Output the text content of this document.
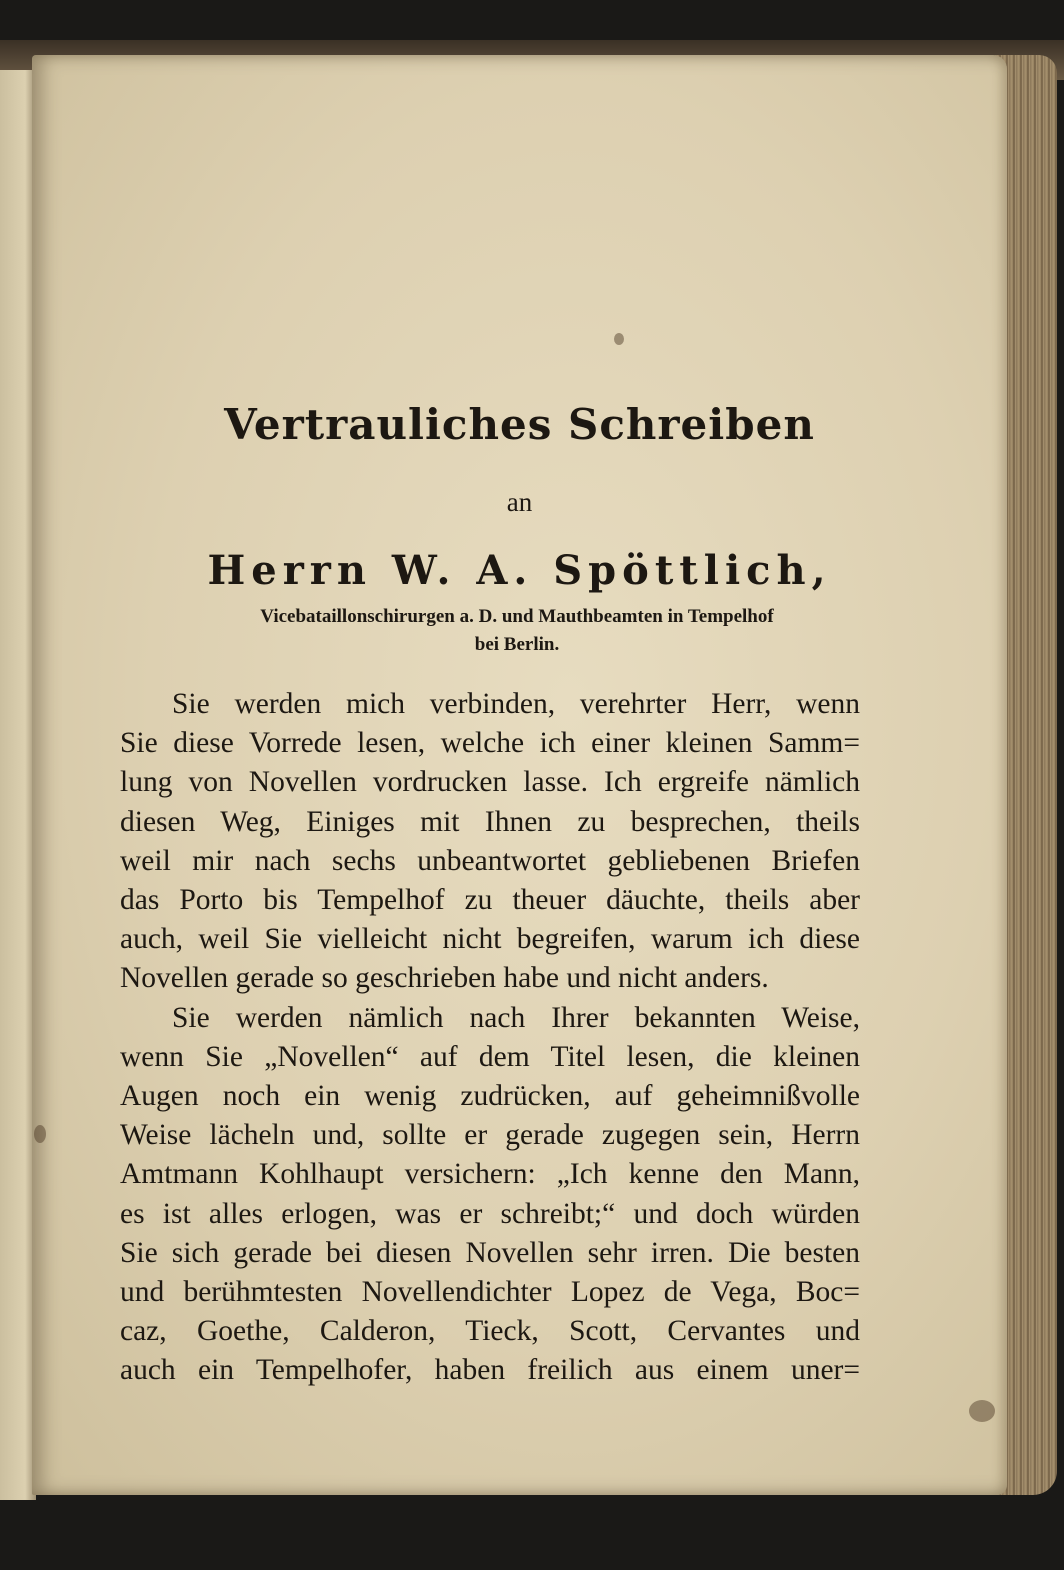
Vertrauliches Schreiben
an
Herrn W. A. Spöttlich,
Vicebataillonschirurgen a. D. und Mauthbeamten in Tempelhof
bei Berlin.
Sie werden mich verbinden, verehrter Herr, wenn
Sie diese Vorrede lesen, welche ich einer kleinen Samm=
lung von Novellen vordrucken lasse. Ich ergreife nämlich
diesen Weg, Einiges mit Ihnen zu besprechen, theils
weil mir nach sechs unbeantwortet gebliebenen Briefen
das Porto bis Tempelhof zu theuer däuchte, theils aber
auch, weil Sie vielleicht nicht begreifen, warum ich diese
Novellen gerade so geschrieben habe und nicht anders.
Sie werden nämlich nach Ihrer bekannten Weise,
wenn Sie „Novellen“ auf dem Titel lesen, die kleinen
Augen noch ein wenig zudrücken, auf geheimnißvolle
Weise lächeln und, sollte er gerade zugegen sein, Herrn
Amtmann Kohlhaupt versichern: „Ich kenne den Mann,
es ist alles erlogen, was er schreibt;“ und doch würden
Sie sich gerade bei diesen Novellen sehr irren. Die besten
und berühmtesten Novellendichter Lopez de Vega, Boc=
caz, Goethe, Calderon, Tieck, Scott, Cervantes und
auch ein Tempelhofer, haben freilich aus einem uner=
